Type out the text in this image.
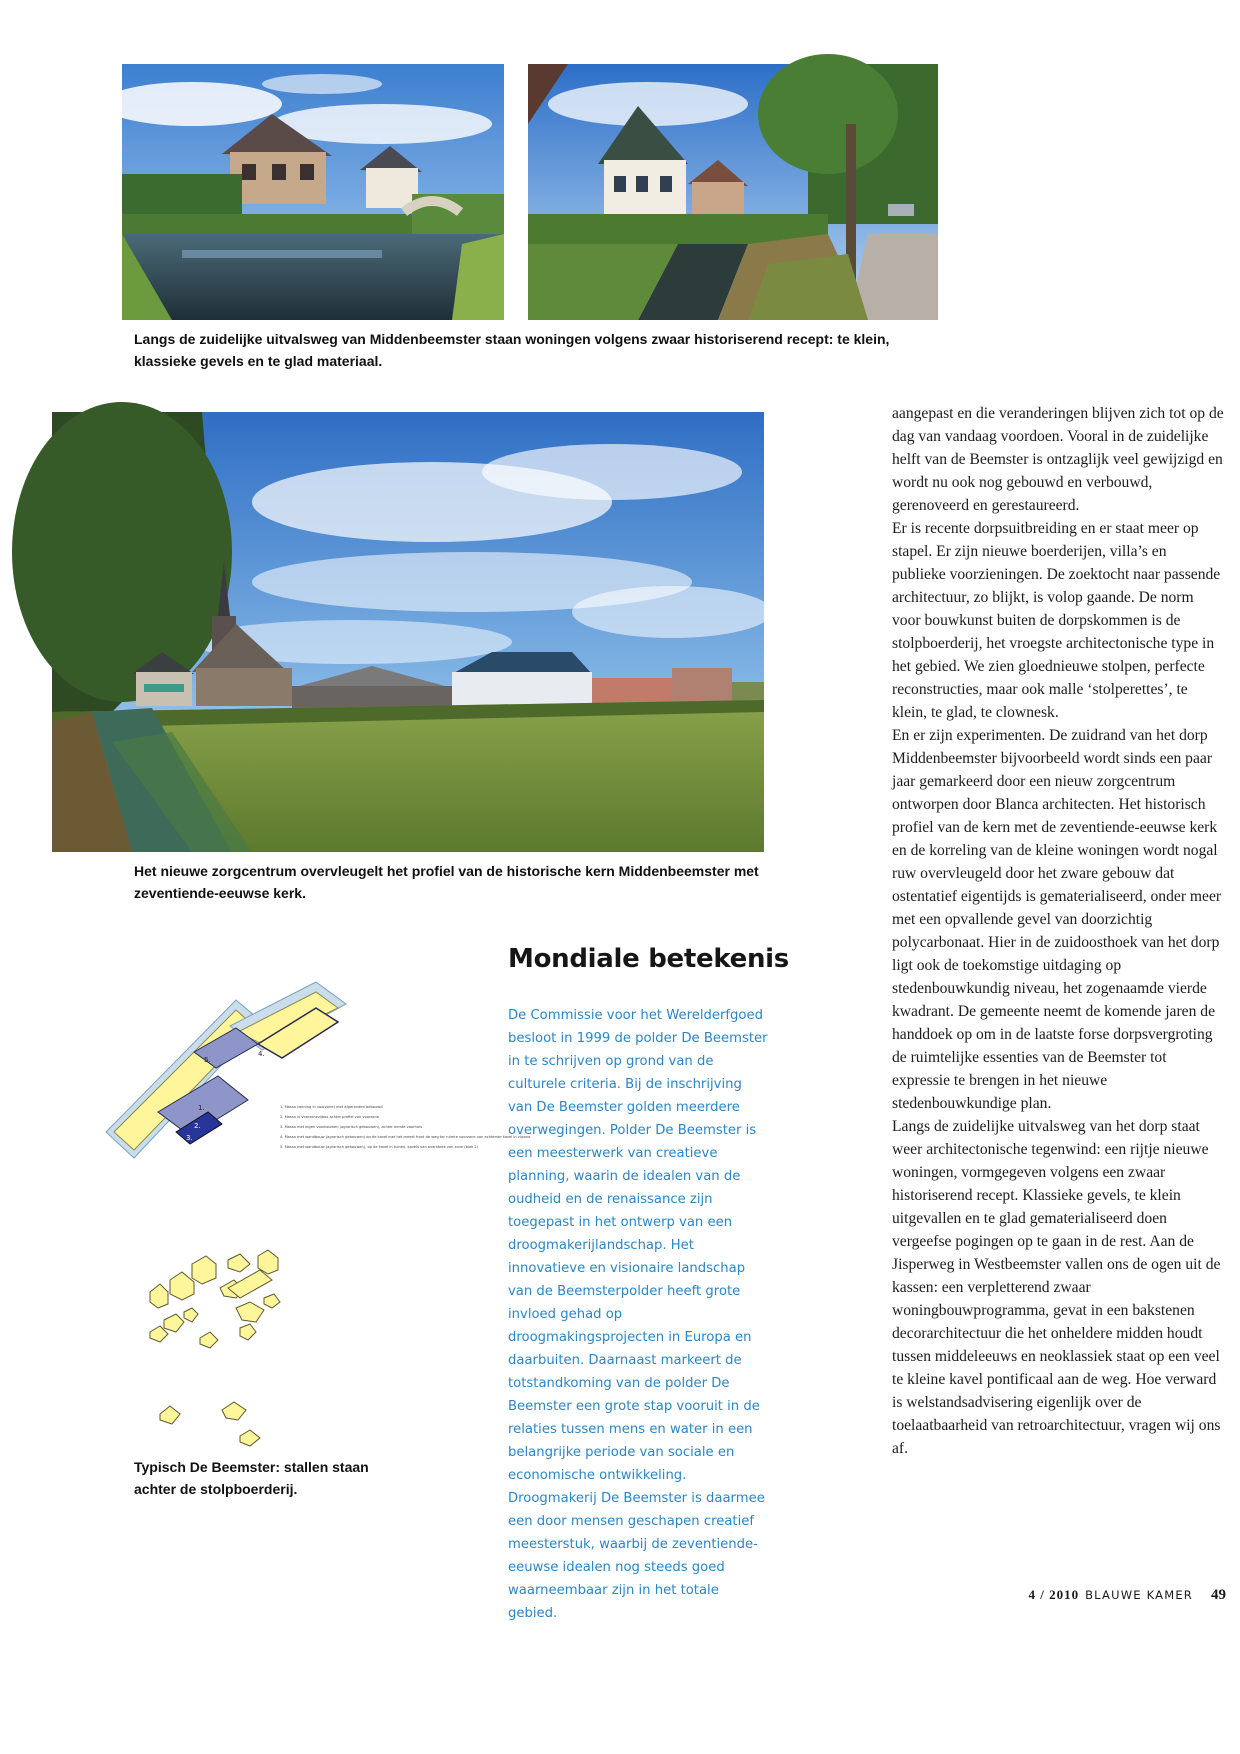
Langs de zuidelijke uitvalsweg van Middenbeemster staan woningen volgens zwaar historiserend recept: te klein, klassieke gevels en te glad materiaal.

Het nieuwe zorgcentrum overvleugelt het profiel van de historische kern Middenbeemster met zeventiende-eeuwse kerk.

Mondiale betekenis

De Commissie voor het Werelderfgoed besloot in 1999 de polder De Beemster in te schrijven op grond van de culturele criteria. Bij de inschrijving van De Beemster golden meerdere overwegingen. Polder De Beemster is een meesterwerk van creatieve planning, waarin de idealen van de oudheid en de renaissance zijn toegepast in het ontwerp van een droogmakerijlandschap. Het innovatieve en visionaire landschap van de Beemsterpolder heeft grote invloed gehad op droogmakingsprojecten in Europa en daarbuiten. Daarnaast markeert de totstandkoming van de polder De Beemster een grote stap vooruit in de relaties tussen mens en water in een belangrijke periode van sociale en economische ontwikkeling. Droogmakerij De Beemster is daarmee een door mensen geschapen creatief meesterstuk, waarbij de zeventiende-eeuwse idealen nog steeds goed waarneembaar zijn in het totale gebied.

5.
4.
1.
2.
3.
1. Massa (woning in voorzone) met afgeronden bebouwd
2. Massa in voorzonezijbox achter profiel van voorzone
3. Massa met eigen voorbouwen (agrarisch gebouwen), achter eerste voorhuis
4. Massa met wandbouw (agrarisch gebouwen) op de kavel met het meest front de weg ter ruimte voorzone van achterste kavel in zijzone
5. Massa met wandbouw (agrarisch gebouwen), op de kavel in tuinen, kavels van oversteek van zone (blok 2)

Typisch De Beemster: stallen staan achter de stolpboerderij.

aangepast en die veranderingen blijven zich tot op de dag van vandaag voordoen. Vooral in de zuidelijke helft van de Beemster is ontzaglijk veel gewijzigd en wordt nu ook nog gebouwd en verbouwd, gerenoveerd en gerestaureerd.

Er is recente dorpsuitbreiding en er staat meer op stapel. Er zijn nieuwe boerderijen, villa’s en publieke voorzieningen. De zoektocht naar passende architectuur, zo blijkt, is volop gaande. De norm voor bouwkunst buiten de dorpskommen is de stolpboerderij, het vroegste architectonische type in het gebied. We zien gloednieuwe stolpen, perfecte reconstructies, maar ook malle ‘stolperettes’, te klein, te glad, te clownesk.

En er zijn experimenten. De zuidrand van het dorp Middenbeemster bijvoorbeeld wordt sinds een paar jaar gemarkeerd door een nieuw zorgcentrum ontworpen door Blanca architecten. Het historisch profiel van de kern met de zeventiende-eeuwse kerk en de korreling van de kleine woningen wordt nogal ruw overvleugeld door het zware gebouw dat ostentatief eigentijds is gematerialiseerd, onder meer met een opvallende gevel van doorzichtig polycarbonaat. Hier in de zuidoosthoek van het dorp ligt ook de toekomstige uitdaging op stedenbouwkundig niveau, het zogenaamde vierde kwadrant. De gemeente neemt de komende jaren de handdoek op om in de laatste forse dorpsvergroting de ruimtelijke essenties van de Beemster tot expressie te brengen in het nieuwe stedenbouwkundige plan.

Langs de zuidelijke uitvalsweg van het dorp staat weer architectonische tegenwind: een rijtje nieuwe woningen, vormgegeven volgens een zwaar historiserend recept. Klassieke gevels, te klein uitgevallen en te glad gematerialiseerd doen vergeefse pogingen op te gaan in de rest. Aan de Jisperweg in Westbeemster vallen ons de ogen uit de kassen: een verpletterend zwaar woningbouwprogramma, gevat in een bakstenen decorarchitectuur die het onheldere midden houdt tussen middeleeuws en neoklassiek staat op een veel te kleine kavel pontificaal aan de weg. Hoe verward is welstandsadvisering eigenlijk over de toelaatbaarheid van retroarchitectuur, vragen wij ons af.

4 / 2010 BLAUWE KAMER 49
